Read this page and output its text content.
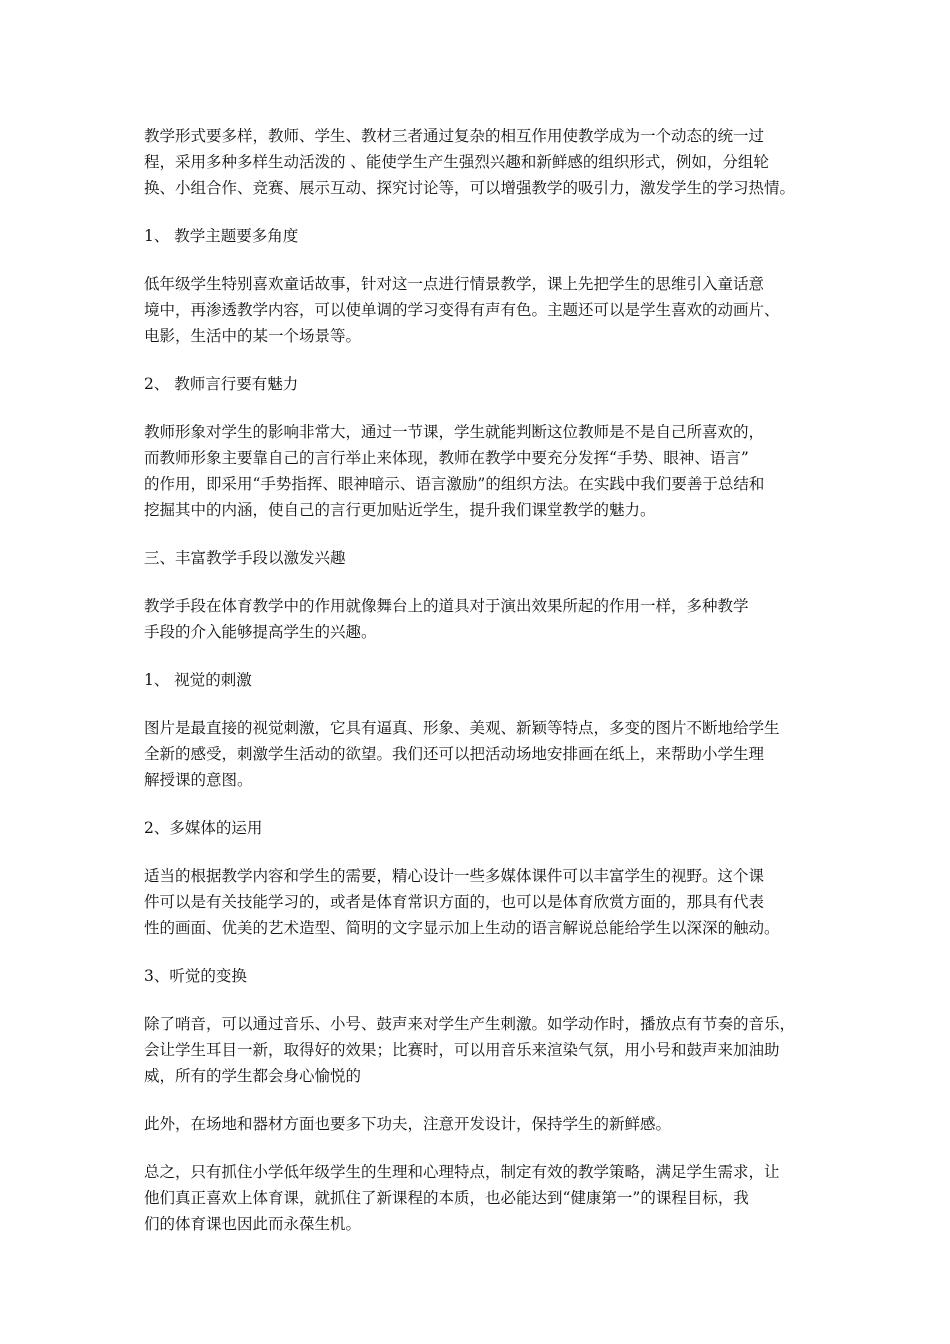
教学形式要多样，教师、学生、教材三者通过复杂的相互作用使教学成为一个动态的统一过
程，采用多种多样生动活泼的 、能使学生产生强烈兴趣和新鲜感的组织形式，例如，分组轮
换、小组合作、竞赛、展示互动、探究讨论等，可以增强教学的吸引力，激发学生的学习热情。
1、 教学主题要多角度
低年级学生特别喜欢童话故事，针对这一点进行情景教学，课上先把学生的思维引入童话意
境中，再渗透教学内容，可以使单调的学习变得有声有色。主题还可以是学生喜欢的动画片、
电影，生活中的某一个场景等。
2、 教师言行要有魅力
教师形象对学生的影响非常大，通过一节课，学生就能判断这位教师是不是自己所喜欢的，
而教师形象主要靠自己的言行举止来体现，教师在教学中要充分发挥“手势、眼神、语言”
的作用，即采用“手势指挥、眼神暗示、语言激励”的组织方法。在实践中我们要善于总结和
挖掘其中的内涵，使自己的言行更加贴近学生，提升我们课堂教学的魅力。
三、丰富教学手段以激发兴趣
教学手段在体育教学中的作用就像舞台上的道具对于演出效果所起的作用一样，多种教学
手段的介入能够提高学生的兴趣。
1、 视觉的刺激
图片是最直接的视觉刺激，它具有逼真、形象、美观、新颖等特点，多变的图片不断地给学生
全新的感受，刺激学生活动的欲望。我们还可以把活动场地安排画在纸上，来帮助小学生理
解授课的意图。
2、多媒体的运用
适当的根据教学内容和学生的需要，精心设计一些多媒体课件可以丰富学生的视野。这个课
件可以是有关技能学习的，或者是体育常识方面的，也可以是体育欣赏方面的，那具有代表
性的画面、优美的艺术造型、简明的文字显示加上生动的语言解说总能给学生以深深的触动。
3、听觉的变换
除了哨音，可以通过音乐、小号、鼓声来对学生产生刺激。如学动作时，播放点有节奏的音乐，
会让学生耳目一新，取得好的效果；比赛时，可以用音乐来渲染气氛，用小号和鼓声来加油助
威，所有的学生都会身心愉悦的
此外，在场地和器材方面也要多下功夫，注意开发设计，保持学生的新鲜感。
总之，只有抓住小学低年级学生的生理和心理特点，制定有效的教学策略，满足学生需求，让
他们真正喜欢上体育课，就抓住了新课程的本质，也必能达到“健康第一”的课程目标，我
们的体育课也因此而永葆生机。
